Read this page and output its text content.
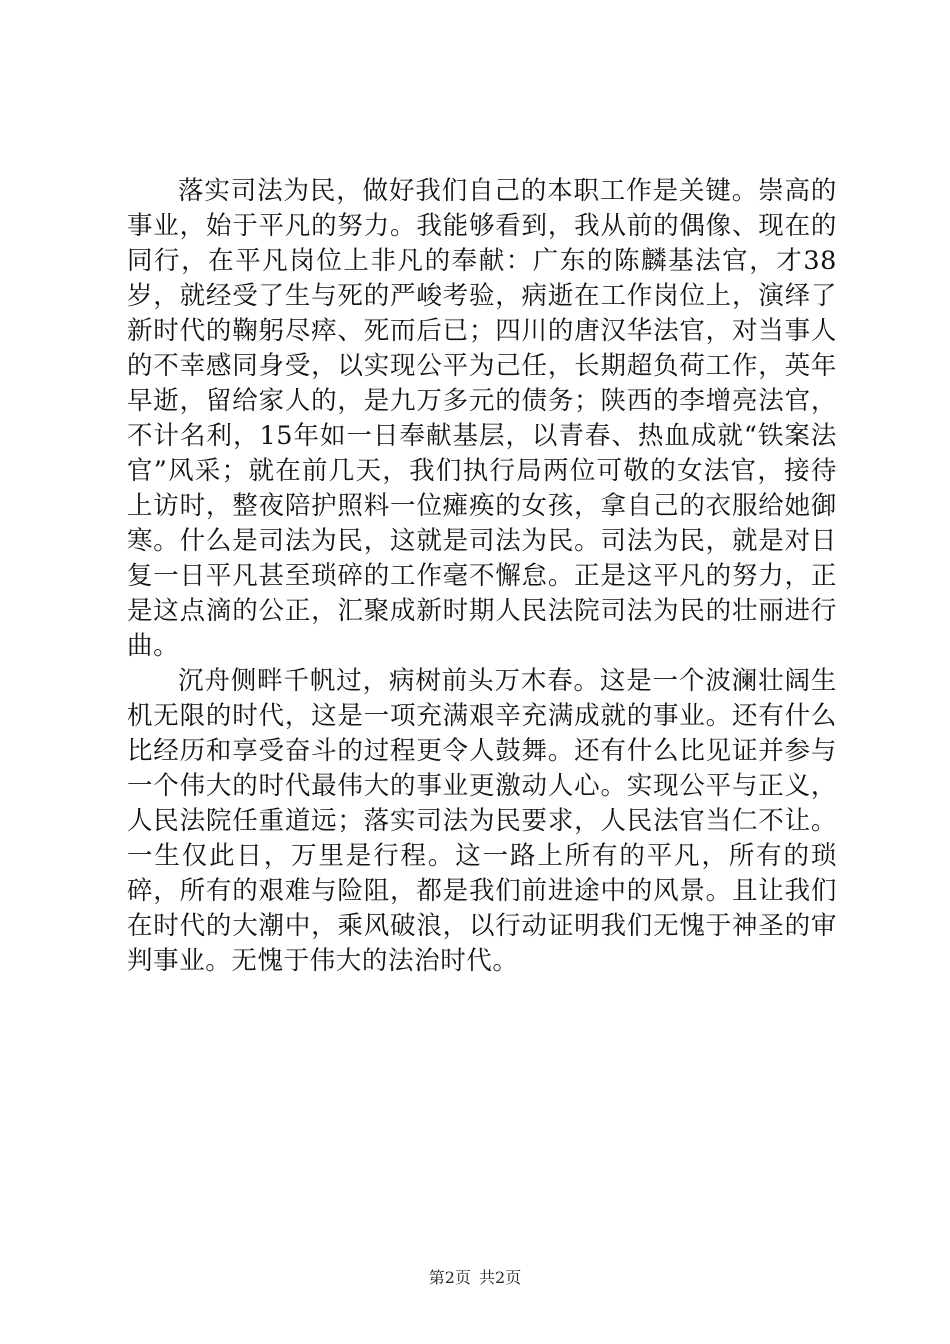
落实司法为民，做好我们自己的本职工作是关键。崇高的事业，始于平凡的努力。我能够看到，我从前的偶像、现在的同行，在平凡岗位上非凡的奉献：广东的陈麟基法官，才38岁，就经受了生与死的严峻考验，病逝在工作岗位上，演绎了新时代的鞠躬尽瘁、死而后已；四川的唐汉华法官，对当事人的不幸感同身受，以实现公平为己任，长期超负荷工作，英年早逝，留给家人的，是九万多元的债务；陕西的李增亮法官，不计名利，15年如一日奉献基层，以青春、热血成就“铁案法官”风采；就在前几天，我们执行局两位可敬的女法官，接待上访时，整夜陪护照料一位瘫痪的女孩，拿自己的衣服给她御寒。什么是司法为民，这就是司法为民。司法为民，就是对日复一日平凡甚至琐碎的工作毫不懈怠。正是这平凡的努力，正是这点滴的公正，汇聚成新时期人民法院司法为民的壮丽进行曲。

沉舟侧畔千帆过，病树前头万木春。这是一个波澜壮阔生机无限的时代，这是一项充满艰辛充满成就的事业。还有什么比经历和享受奋斗的过程更令人鼓舞。还有什么比见证并参与一个伟大的时代最伟大的事业更激动人心。实现公平与正义，人民法院任重道远；落实司法为民要求，人民法官当仁不让。一生仅此日，万里是行程。这一路上所有的平凡，所有的琐碎，所有的艰难与险阻，都是我们前进途中的风景。且让我们在时代的大潮中，乘风破浪，以行动证明我们无愧于神圣的审判事业。无愧于伟大的法治时代。

第2页 共2页
